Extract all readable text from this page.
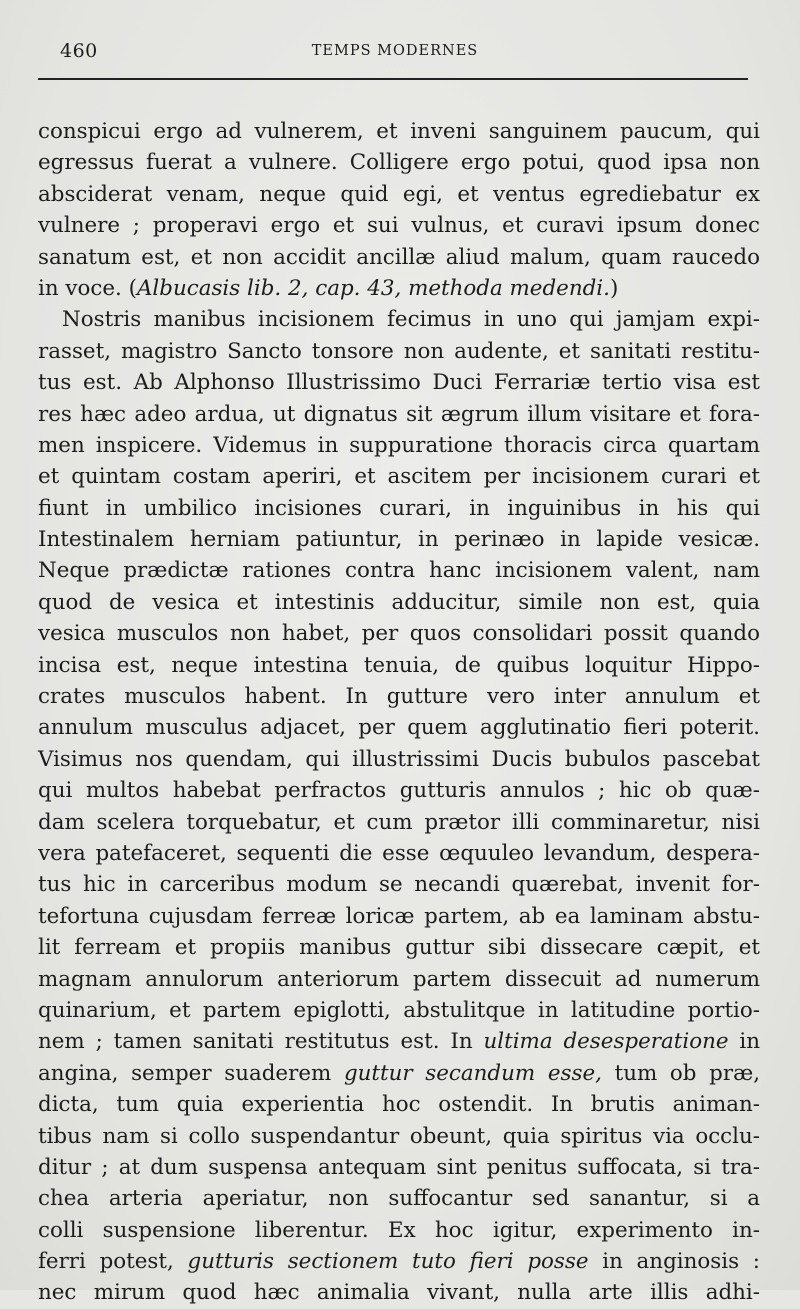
460	TEMPS MODERNES
conspicui ergo ad vulnerem, et inveni sanguinem paucum, qui
egressus fuerat a vulnere. Colligere ergo potui, quod ipsa non
absciderat venam, neque quid egi, et ventus egrediebatur ex
vulnere ; properavi ergo et sui vulnus, et curavi ipsum donec
sanatum est, et non accidit ancillæ aliud malum, quam raucedo
in voce. (Albucasis lib. 2, cap. 43, methoda medendi.)
Nostris manibus incisionem fecimus in uno qui jamjam expi-
rasset, magistro Sancto tonsore non audente, et sanitati restitu-
tus est. Ab Alphonso Illustrissimo Duci Ferrariæ tertio visa est
res hæc adeo ardua, ut dignatus sit ægrum illum visitare et fora-
men inspicere. Videmus in suppuratione thoracis circa quartam
et quintam costam aperiri, et ascitem per incisionem curari et
fiunt in umbilico incisiones curari, in inguinibus in his qui
Intestinalem herniam patiuntur, in perinæo in lapide vesicæ.
Neque prædictæ rationes contra hanc incisionem valent, nam
quod de vesica et intestinis adducitur, simile non est, quia
vesica musculos non habet, per quos consolidari possit quando
incisa est, neque intestina tenuia, de quibus loquitur Hippo-
crates musculos habent. In gutture vero inter annulum et
annulum musculus adjacet, per quem agglutinatio fieri poterit.
Visimus nos quendam, qui illustrissimi Ducis bubulos pascebat
qui multos habebat perfractos gutturis annulos ; hic ob quæ-
dam scelera torquebatur, et cum prætor illi comminaretur, nisi
vera patefaceret, sequenti die esse œquuleo levandum, despera-
tus hic in carceribus modum se necandi quærebat, invenit for-
tefortuna cujusdam ferreæ loricæ partem, ab ea laminam abstu-
lit ferream et propiis manibus guttur sibi dissecare cæpit, et
magnam annulorum anteriorum partem dissecuit ad numerum
quinarium, et partem epiglotti, abstulitque in latitudine portio-
nem ; tamen sanitati restitutus est. In ultima desesperatione in
angina, semper suaderem guttur secandum esse, tum ob præ,
dicta, tum quia experientia hoc ostendit. In brutis animan-
tibus nam si collo suspendantur obeunt, quia spiritus via occlu-
ditur ; at dum suspensa antequam sint penitus suffocata, si tra-
chea arteria aperiatur, non suffocantur sed sanantur, si a
colli suspensione liberentur. Ex hoc igitur, experimento in-
ferri potest, gutturis sectionem tuto fieri posse in anginosis :
nec mirum quod hæc animalia vivant, nulla arte illis adhi-
